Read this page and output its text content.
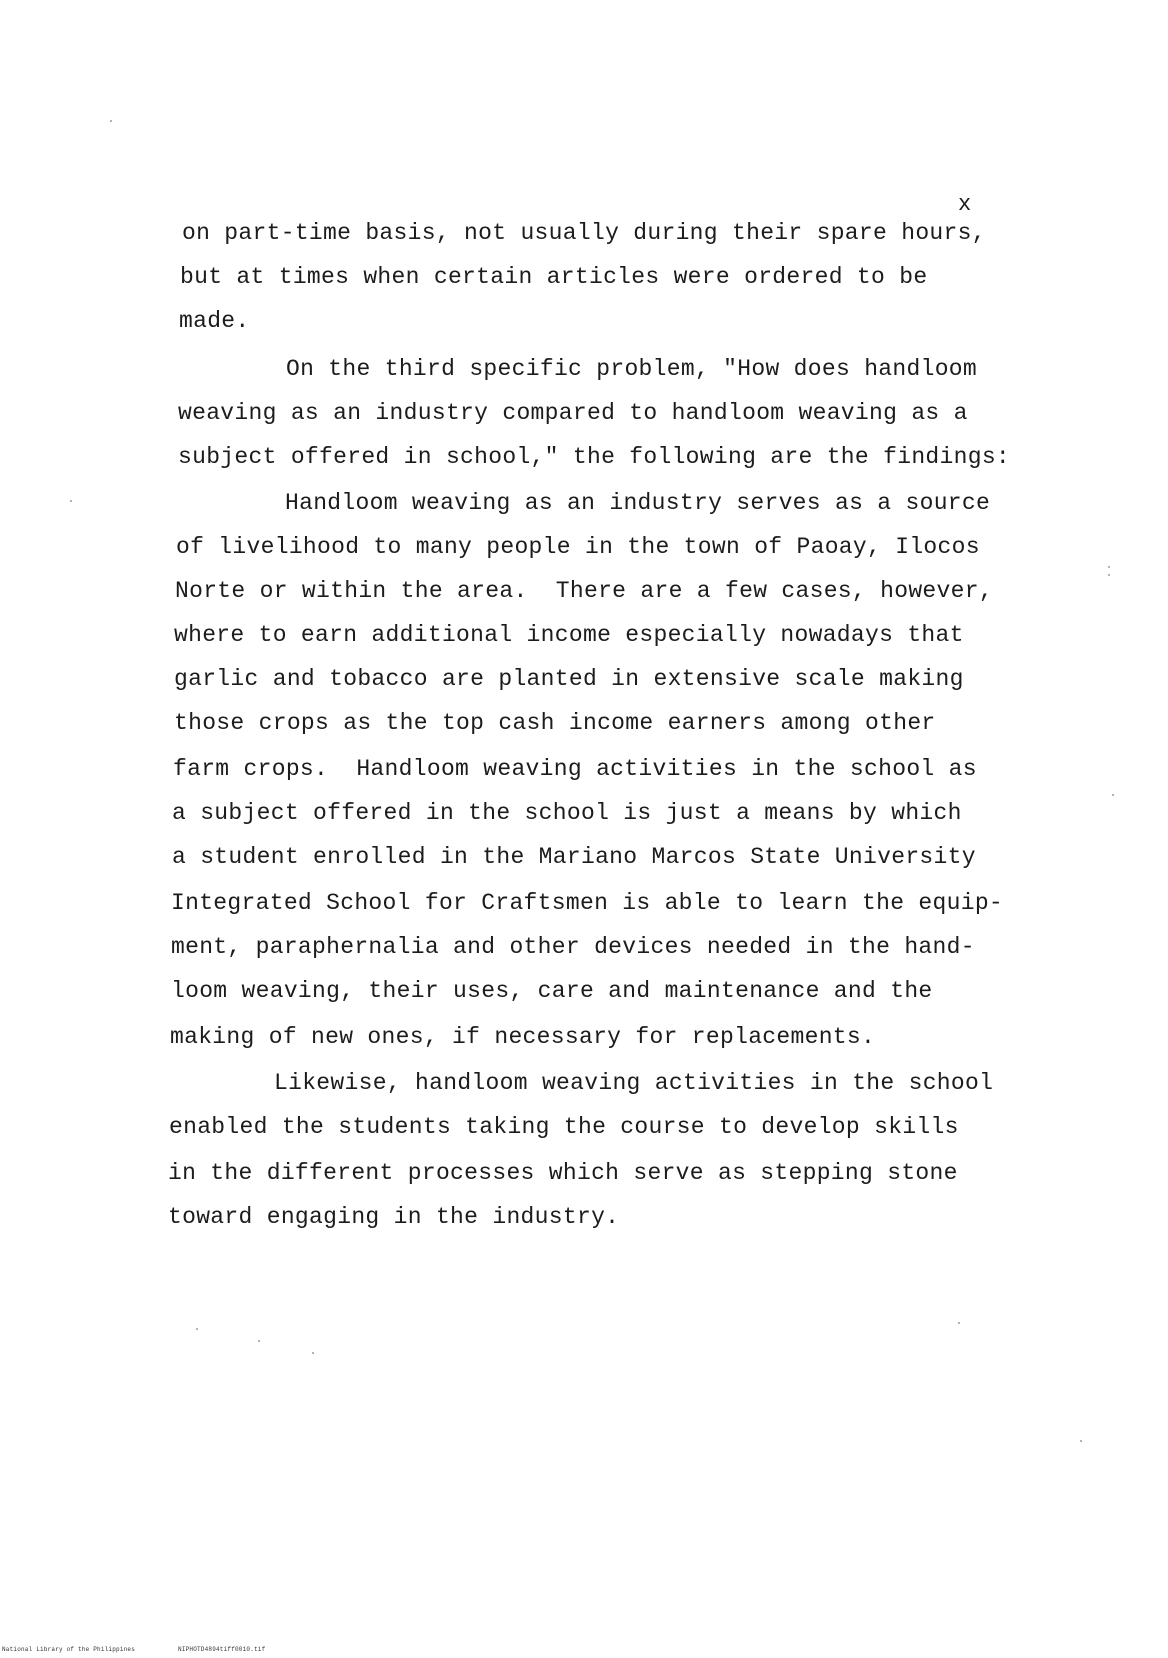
x
on part-time basis, not usually during their spare hours,
but at times when certain articles were ordered to be
made.
On the third specific problem, "How does handloom
weaving as an industry compared to handloom weaving as a
subject offered in school," the following are the findings:
Handloom weaving as an industry serves as a source
of livelihood to many people in the town of Paoay, Ilocos
Norte or within the area.  There are a few cases, however,
where to earn additional income especially nowadays that
garlic and tobacco are planted in extensive scale making
those crops as the top cash income earners among other
farm crops.  Handloom weaving activities in the school as
a subject offered in the school is just a means by which
a student enrolled in the Mariano Marcos State University
Integrated School for Craftsmen is able to learn the equip-
ment, paraphernalia and other devices needed in the hand-
loom weaving, their uses, care and maintenance and the
making of new ones, if necessary for replacements.
Likewise, handloom weaving activities in the school
enabled the students taking the course to develop skills
in the different processes which serve as stepping stone
toward engaging in the industry.
National Library of the Philippines	NIPHOTD4894tiff0010.tif
